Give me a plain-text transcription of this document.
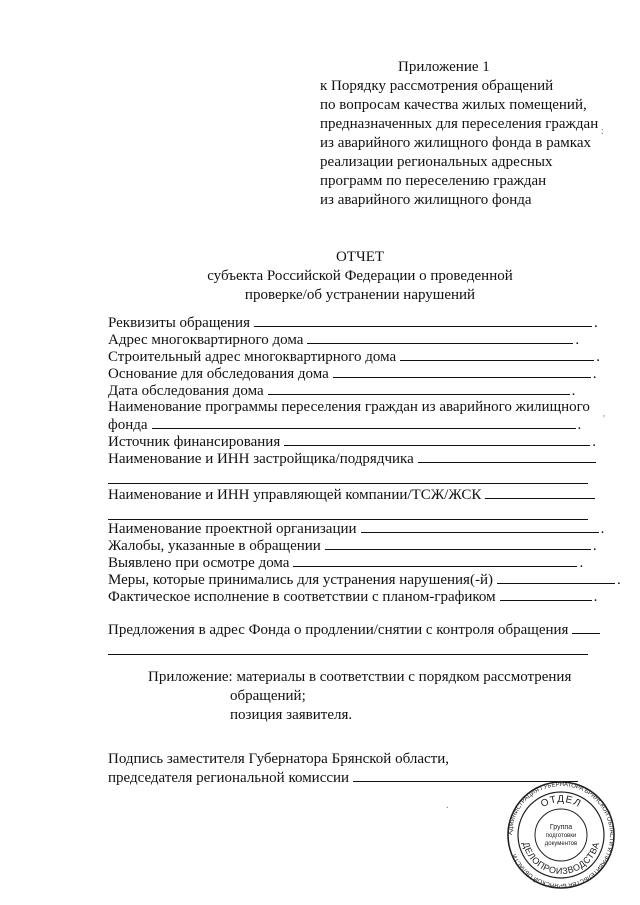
Приложение 1
к Порядку рассмотрения обращений
по вопросам качества жилых помещений,
предназначенных для переселения граждан
из аварийного жилищного фонда в рамках
реализации региональных адресных
программ по переселению граждан
из аварийного жилищного фонда
ОТЧЕТ
субъекта Российской Федерации о проведенной
проверке/об устранении нарушений
Реквизиты обращения	.
Адрес многоквартирного дома	.
Строительный адрес многоквартирного дома	.
Основание для обследования дома	.
Дата обследования дома	.
Наименование программы переселения граждан из аварийного жилищного
фонда	.
Источник финансирования	.
Наименование и ИНН застройщика/подрядчика
Наименование и ИНН управляющей компании/ТСЖ/ЖСК
Наименование проектной организации	.
Жалобы, указанные в обращении	.
Выявлено при осмотре дома	.
Меры, которые принимались для устранения нарушения(-й)	.
Фактическое исполнение в соответствии с планом-графиком	.
Предложения в адрес Фонда о продлении/снятии с контроля обращения
Приложение: материалы в соответствии с порядком рассмотрения
обращений;
позиция заявителя.
Подпись заместителя Губернатора Брянской области,
председателя региональной комиссии
АДМИНИСТРАЦИЯ ГУБЕРНАТОРА БРЯНСКОЙ ОБЛАСТИ И ПРАВИТЕЛЬСТВА БРЯНСКОЙ ОБЛАСТИ
ОТДЕЛ
ДЕЛОПРОИЗВОДСТВА
Группа
подготовки
документов
:
'
.
